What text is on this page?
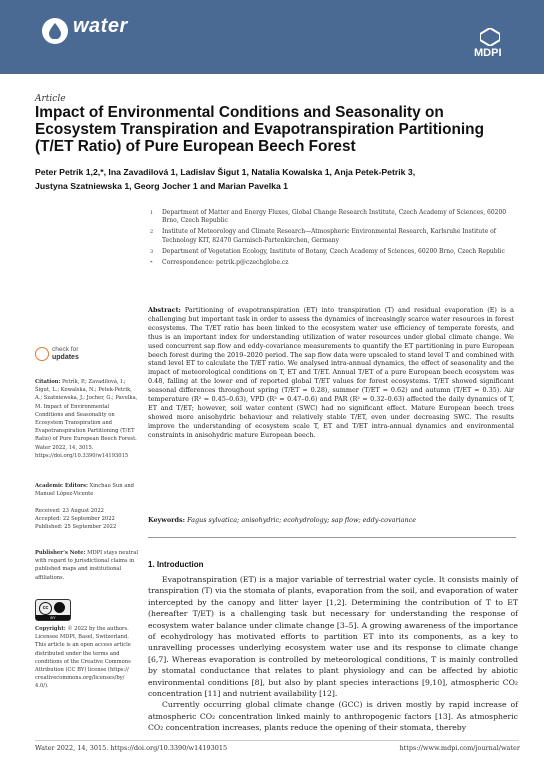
water
MDPI
Article
Impact of Environmental Conditions and Seasonality on Ecosystem Transpiration and Evapotranspiration Partitioning (T/ET Ratio) of Pure European Beech Forest
Peter Petrík 1,2,*, Ina Zavadilová 1, Ladislav Šigut 1, Natalia Kowalska 1, Anja Petek-Petrik 3,
Justyna Szatniewska 1, Georg Jocher 1 and Marian Pavelka 1
1 Department of Matter and Energy Fluxes, Global Change Research Institute, Czech Academy of Sciences, 60200 Brno, Czech Republic
2 Institute of Meteorology and Climate Research—Atmospheric Environmental Research, Karlsruhe Institute of Technology KIT, 82470 Garmisch-Partenkirchen, Germany
3 Department of Vegetation Ecology, Institute of Botany, Czech Academy of Sciences, 60200 Brno, Czech Republic
* Correspondence: petrik.p@czechglobe.cz

Abstract: Partitioning of evapotranspiration (ET) into transpiration (T) and residual evaporation (E) is a challenging but important task in order to assess the dynamics of increasingly scarce water resources in forest ecosystems. The T/ET ratio has been linked to the ecosystem water use efficiency of temperate forests, and thus is an important index for understanding utilization of water resources under global climate change. We used concurrent sap flow and eddy-covariance measurements to quantify the ET partitioning in pure European beech forest during the 2019–2020 period. The sap flow data were upscaled to stand level T and combined with stand level ET to calculate the T/ET ratio. We analysed intra-annual dynamics, the effect of seasonality and the impact of meteorological conditions on T, ET and T/ET. Annual T/ET of a pure European beech ecosystem was 0.48, falling at the lower end of reported global T/ET values for forest ecosystems. T/ET showed significant seasonal differences throughout spring (T/ET = 0.28), summer (T/ET = 0.62) and autumn (T/ET = 0.35). Air temperature (R² = 0.45–0.63), VPD (R² = 0.47–0.6) and PAR (R² = 0.32–0.63) affected the daily dynamics of T, ET and T/ET; however, soil water content (SWC) had no significant effect. Mature European beech trees showed more anisohydric behaviour and relatively stable T/ET, even under decreasing SWC. The results improve the understanding of ecosystem scale T, ET and T/ET intra-annual dynamics and environmental constraints in anisohydric mature European beech.

Keywords: Fagus sylvatica; anisohydric; ecohydrology; sap flow; eddy-covariance
check for
updates
Citation: Petrík, P.; Zavadilová, I.; Šigut, L.; Kowalska, N.; Petek-Petrik, A.; Szatniewska, J.; Jocher, G.; Pavelka, M. Impact of Environmental Conditions and Seasonality on Ecosystem Transpiration and Evapotranspiration Partitioning (T/ET Ratio) of Pure European Beech Forest. Water 2022, 14, 3015. https://doi.org/10.3390/w14193015
Academic Editors: Xinchao Sun and Manuel López-Vicente
Received: 23 August 2022
Accepted: 22 September 2022
Published: 25 September 2022
Publisher’s Note: MDPI stays neutral with regard to jurisdictional claims in published maps and institutional affiliations.
cc
BY
Copyright: © 2022 by the authors. Licensee MDPI, Basel, Switzerland. This article is an open access article distributed under the terms and conditions of the Creative Commons Attribution (CC BY) license (https:// creativecommons.org/licenses/by/ 4.0/).
1. Introduction

Evapotranspiration (ET) is a major variable of terrestrial water cycle. It consists mainly of transpiration (T) via the stomata of plants, evaporation from the soil, and evaporation of water intercepted by the canopy and litter layer [1,2]. Determining the contribution of T to ET (hereafter T/ET) is a challenging task but necessary for understanding the response of ecosystem water balance under climate change [3–5]. A growing awareness of the importance of ecohydrology has motivated efforts to partition ET into its components, as a key to unravelling processes underlying ecosystem water use and its response to climate change [6,7]. Whereas evaporation is controlled by meteorological conditions, T is mainly controlled by stomatal conductance that relates to plant physiology and can be affected by abiotic environmental conditions [8], but also by plant species interactions [9,10], atmospheric CO₂ concentration [11] and nutrient availability [12].

Currently occurring global climate change (GCC) is driven mostly by rapid increase of atmospheric CO₂ concentration linked mainly to anthropogenic factors [13]. As atmospheric CO₂ concentration increases, plants reduce the opening of their stomata, thereby

Water 2022, 14, 3015. https://doi.org/10.3390/w14193015	https://www.mdpi.com/journal/water
